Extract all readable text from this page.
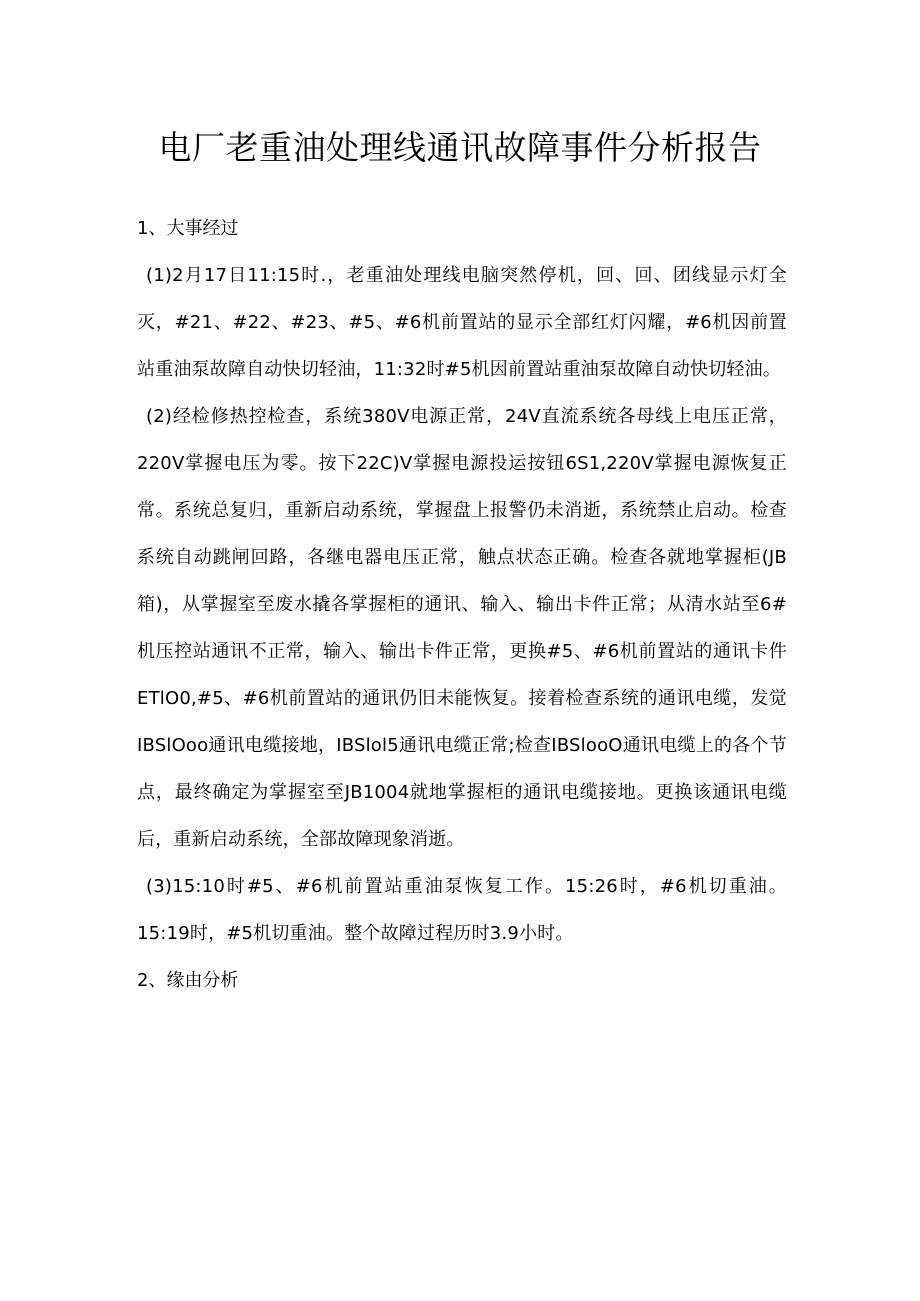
电厂老重油处理线通讯故障事件分析报告

1、大事经过

(1)2月17日11:15时.，老重油处理线电脑突然停机，回、回、团线显示灯全灭，#21、#22、#23、#5、#6机前置站的显示全部红灯闪耀，#6机因前置站重油泵故障自动快切轻油，11:32时#5机因前置站重油泵故障自动快切轻油。

(2)经检修热控检查，系统380V电源正常，24V直流系统各母线上电压正常，220V掌握电压为零。按下22C)V掌握电源投运按钮6S1,220V掌握电源恢复正常。系统总复归，重新启动系统，掌握盘上报警仍未消逝，系统禁止启动。检查系统自动跳闸回路，各继电器电压正常，触点状态正确。检查各就地掌握柜(JB箱)，从掌握室至废水撬各掌握柜的通讯、输入、输出卡件正常；从清水站至6#机压控站通讯不正常，输入、输出卡件正常，更换#5、#6机前置站的通讯卡件ETlO0,#5、#6机前置站的通讯仍旧未能恢复。接着检查系统的通讯电缆，发觉IBSlOoo通讯电缆接地，IBSlol5通讯电缆正常;检查IBSlooO通讯电缆上的各个节点，最终确定为掌握室至JB1004就地掌握柜的通讯电缆接地。更换该通讯电缆后，重新启动系统，全部故障现象消逝。

(3)15:10时#5、#6机前置站重油泵恢复工作。15:26时，#6机切重油。15:19时，#5机切重油。整个故障过程历时3.9小时。

2、缘由分析
